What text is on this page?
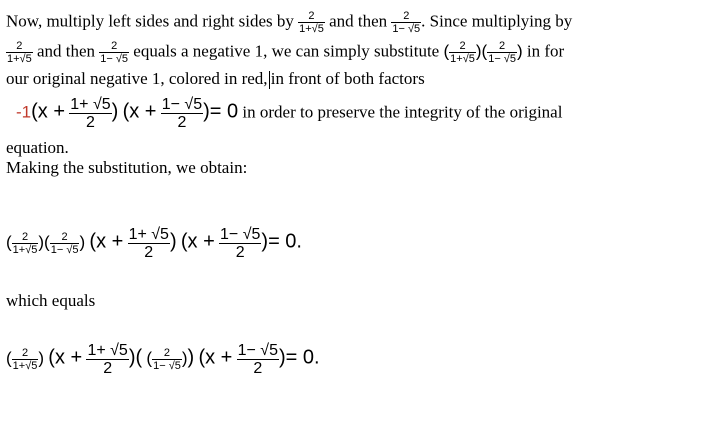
Now, multiply left sides and right sides by $\frac{2}{1+√5}$ and then $\frac{2}{1- √5}$ . Since multiplying by
$\frac{2}{1+√5}$ and then $\frac{2}{1- √5}$ equals a negative 1, we can simply substitute ( $\frac{2}{1+√5}$ )( $\frac{2}{1- √5}$ ) in for
our original negative 1, colored in red, in front of both factors
$-1(x + \frac{1+ √5}{2}$ ) ($x + \frac{1- √5}{2}$ )= 0 in order to preserve the integrity of the original
equation.
Making the substitution, we obtain:
( $\frac{2}{1+√5}$ )( $\frac{2}{1- √5}$ ) ($x + \frac{1+ √5}{2}$ ) ($x + \frac{1- √5}{2}$ )= 0.
which equals
( $\frac{2}{1+√5}$ ) ($x + \frac{1+ √5}{2}$ )( ( $\frac{2}{1- √5}$ )) ($x + \frac{1- √5}{2}$ )= 0.
